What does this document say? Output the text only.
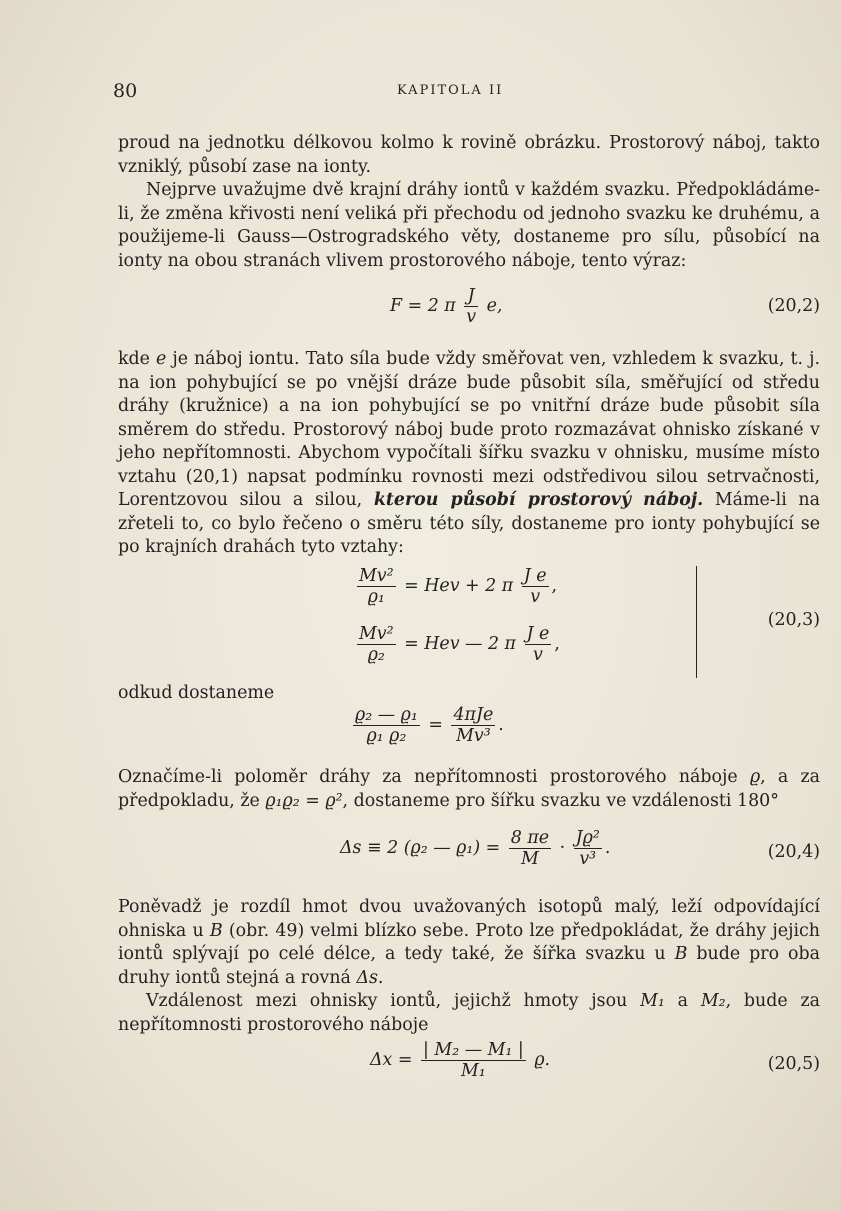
80	KAPITOLA II

proud na jednotku délkovou kolmo k rovině obrázku. Prostorový náboj, takto vzniklý, působí zase na ionty.

Nejprve uvažujme dvě krajní dráhy iontů v každém svazku. Předpokládáme-li, že změna křivosti není veliká při přechodu od jednoho svazku ke druhému, a použijeme-li Gauss—Ostrogradského věty, dostaneme pro sílu, působící na ionty na obou stranách vlivem prostorového náboje, tento výraz:

F = 2 π $\frac{J}{v} e$,	(20,2)

kde e je náboj iontu. Tato síla bude vždy směřovat ven, vzhledem k svazku, t. j. na ion pohybující se po vnější dráze bude působit síla, směřující od středu dráhy (kružnice) a na ion pohybující se po vnitřní dráze bude působit síla směrem do středu. Prostorový náboj bude proto rozmazávat ohnisko získané v jeho nepřítomnosti. Abychom vypočítali šířku svazku v ohnisku, musíme místo vztahu (20,1) napsat podmínku rovnosti mezi odstředivou silou setrvačnosti, Lorentzovou silou a silou, kterou působí prostorový náboj. Máme-li na zřeteli to, co bylo řečeno o směru této síly, dostaneme pro ionty pohybující se po krajních drahách tyto vztahy:

$\frac{\text{Mv²}}{\text{ϱ₁}}$ = Hev + 2 π $\frac{\text{J e}}{v}$ ,
$\frac{\text{Mv²}}{\text{ϱ₂}}$ = Hev — 2 π $\frac{\text{J e}}{v}$ ,
(20,3)

odkud dostaneme

$\frac{\text{ϱ₂ — ϱ₁}}{\text{ϱ₁ ϱ₂}} = \frac{\text{4πJe}}{\text{Mv³}}$ .

Označíme-li poloměr dráhy za nepřítomnosti prostorového náboje ϱ, a za předpokladu, že ϱ₁ϱ₂ = ϱ², dostaneme pro šířku svazku ve vzdálenosti 180°

Δs ≡ 2 (ϱ₂ — $ϱ_1) = \frac{8 \pi e}{M} \cdot \frac{\text{Jϱ²}}{\text{v³}}$ .	(20,4)

Poněvadž je rozdíl hmot dvou uvažovaných isotopů malý, leží odpovídající ohniska u B (obr. 49) velmi blízko sebe. Proto lze předpokládat, že dráhy jejich iontů splývají po celé délce, a tedy také, že šířka svazku u B bude pro oba druhy iontů stejná a rovná Δs.

Vzdálenost mezi ohnisky iontů, jejichž hmoty jsou M₁ a M₂, bude za nepřítomnosti prostorového náboje

$\Delta x = \frac{\text{| M₂ — M₁ |}}{\text{M₁}} ϱ$.	(20,5)
